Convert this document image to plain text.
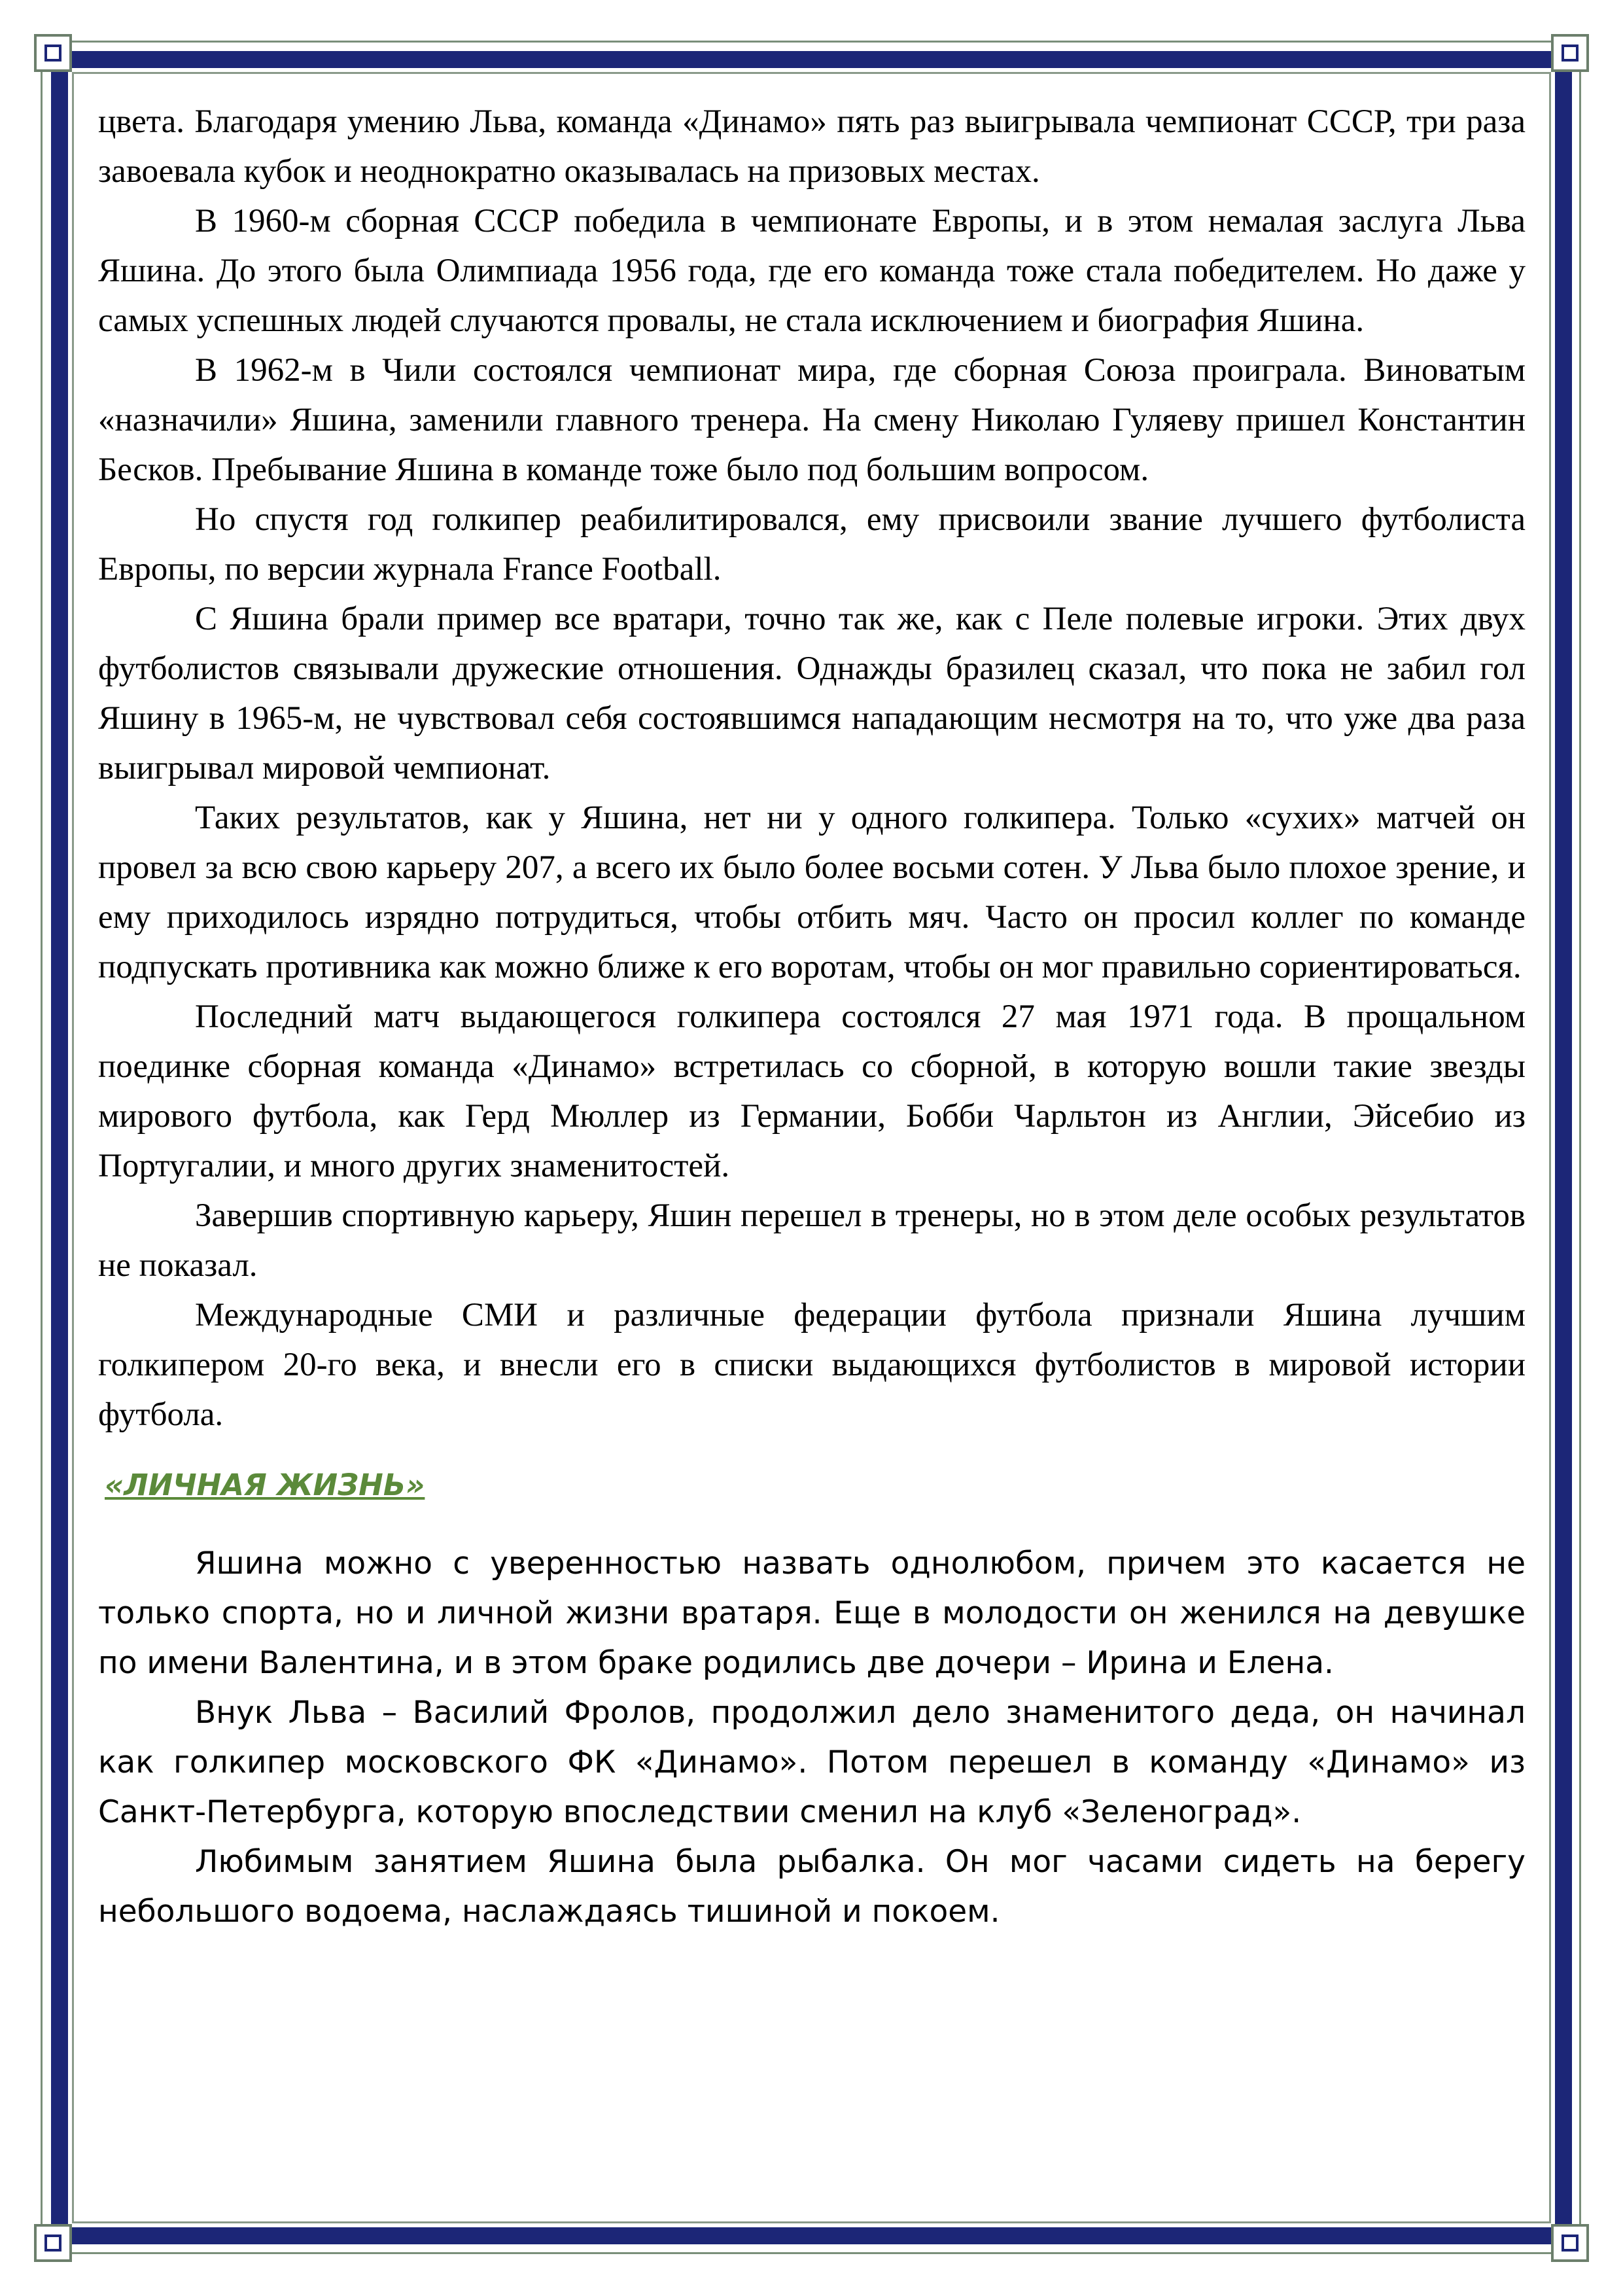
цвета. Благодаря умению Льва, команда «Динамо» пять раз выигрывала чемпионат СССР, три раза завоевала кубок и неоднократно оказывалась на призовых местах.

В 1960-м сборная СССР победила в чемпионате Европы, и в этом немалая заслуга Льва Яшина. До этого была Олимпиада 1956 года, где его команда тоже стала победителем. Но даже у самых успешных людей случаются провалы, не стала исключением и биография Яшина.

В 1962-м в Чили состоялся чемпионат мира, где сборная Союза проиграла. Виноватым «назначили» Яшина, заменили главного тренера. На смену Николаю Гуляеву пришел Константин Бесков. Пребывание Яшина в команде тоже было под большим вопросом.

Но спустя год голкипер реабилитировался, ему присвоили звание лучшего футболиста Европы, по версии журнала France Football.

С Яшина брали пример все вратари, точно так же, как с Пеле полевые игроки. Этих двух футболистов связывали дружеские отношения. Однажды бразилец сказал, что пока не забил гол Яшину в 1965-м, не чувствовал себя состоявшимся нападающим несмотря на то, что уже два раза выигрывал мировой чемпионат.

Таких результатов, как у Яшина, нет ни у одного голкипера. Только «сухих» матчей он провел за всю свою карьеру 207, а всего их было более восьми сотен. У Льва было плохое зрение, и ему приходилось изрядно потрудиться, чтобы отбить мяч. Часто он просил коллег по команде подпускать противника как можно ближе к его воротам, чтобы он мог правильно сориентироваться.

Последний матч выдающегося голкипера состоялся 27 мая 1971 года. В прощальном поединке сборная команда «Динамо» встретилась со сборной, в которую вошли такие звезды мирового футбола, как Герд Мюллер из Германии, Бобби Чарльтон из Англии, Эйсебио из Португалии, и много других знаменитостей.

Завершив спортивную карьеру, Яшин перешел в тренеры, но в этом деле особых результатов не показал.

Международные СМИ и различные федерации футбола признали Яшина лучшим голкипером 20-го века, и внесли его в списки выдающихся футболистов в мировой истории футбола.

«ЛИЧНАЯ ЖИЗНЬ»

Яшина можно с уверенностью назвать однолюбом, причем это касается не только спорта, но и личной жизни вратаря. Еще в молодости он женился на девушке по имени Валентина, и в этом браке родились две дочери – Ирина и Елена.

Внук Льва – Василий Фролов, продолжил дело знаменитого деда, он начинал как голкипер московского ФК «Динамо». Потом перешел в команду «Динамо» из Санкт-Петербурга, которую впоследствии сменил на клуб «Зеленоград».

Любимым занятием Яшина была рыбалка. Он мог часами сидеть на берегу небольшого водоема, наслаждаясь тишиной и покоем.
